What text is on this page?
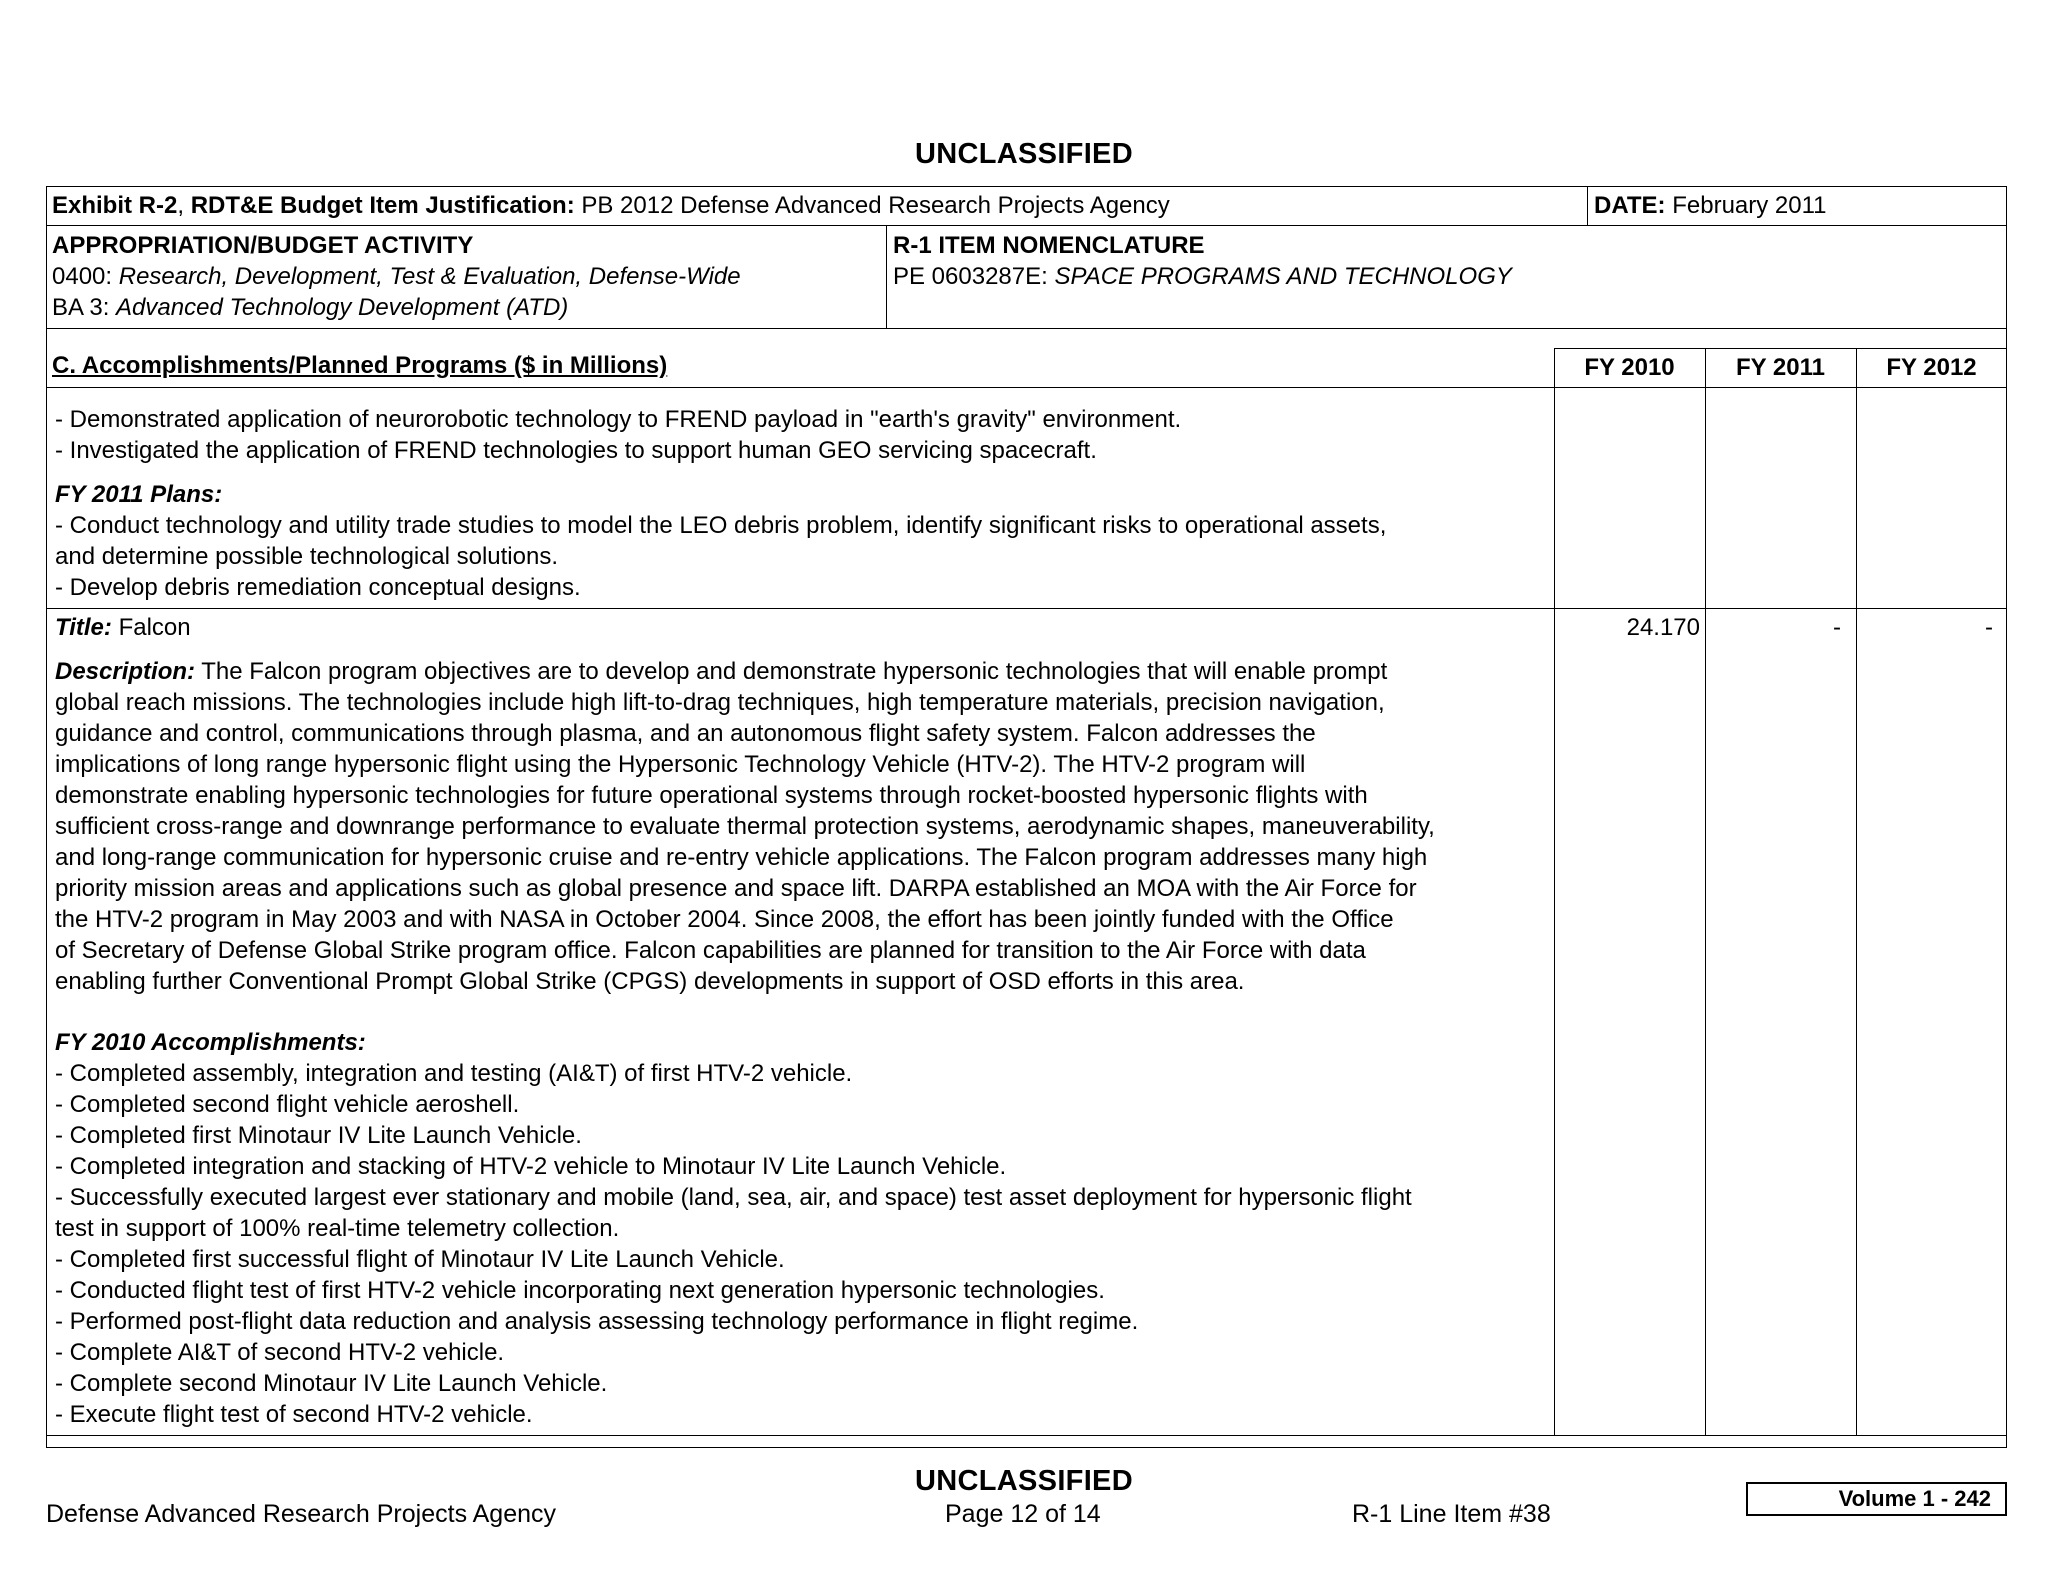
UNCLASSIFIED
Exhibit R-2, RDT&E Budget Item Justification: PB 2012 Defense Advanced Research Projects Agency	DATE: February 2011
APPROPRIATION/BUDGET ACTIVITY
0400: Research, Development, Test & Evaluation, Defense-Wide
BA 3: Advanced Technology Development (ATD)
R-1 ITEM NOMENCLATURE
PE 0603287E: SPACE PROGRAMS AND TECHNOLOGY
C. Accomplishments/Planned Programs ($ in Millions)	FY 2010	FY 2011	FY 2012
- Demonstrated application of neurorobotic technology to FREND payload in "earth's gravity" environment.
- Investigated the application of FREND technologies to support human GEO servicing spacecraft.
FY 2011 Plans:
- Conduct technology and utility trade studies to model the LEO debris problem, identify significant risks to operational assets,
and determine possible technological solutions.
- Develop debris remediation conceptual designs.
Title: Falcon	24.170	-	-
Description: The Falcon program objectives are to develop and demonstrate hypersonic technologies that will enable prompt
global reach missions. The technologies include high lift-to-drag techniques, high temperature materials, precision navigation,
guidance and control, communications through plasma, and an autonomous flight safety system. Falcon addresses the
implications of long range hypersonic flight using the Hypersonic Technology Vehicle (HTV-2). The HTV-2 program will
demonstrate enabling hypersonic technologies for future operational systems through rocket-boosted hypersonic flights with
sufficient cross-range and downrange performance to evaluate thermal protection systems, aerodynamic shapes, maneuverability,
and long-range communication for hypersonic cruise and re-entry vehicle applications. The Falcon program addresses many high
priority mission areas and applications such as global presence and space lift. DARPA established an MOA with the Air Force for
the HTV-2 program in May 2003 and with NASA in October 2004. Since 2008, the effort has been jointly funded with the Office
of Secretary of Defense Global Strike program office. Falcon capabilities are planned for transition to the Air Force with data
enabling further Conventional Prompt Global Strike (CPGS) developments in support of OSD efforts in this area.
FY 2010 Accomplishments:
- Completed assembly, integration and testing (AI&T) of first HTV-2 vehicle.
- Completed second flight vehicle aeroshell.
- Completed first Minotaur IV Lite Launch Vehicle.
- Completed integration and stacking of HTV-2 vehicle to Minotaur IV Lite Launch Vehicle.
- Successfully executed largest ever stationary and mobile (land, sea, air, and space) test asset deployment for hypersonic flight
test in support of 100% real-time telemetry collection.
- Completed first successful flight of Minotaur IV Lite Launch Vehicle.
- Conducted flight test of first HTV-2 vehicle incorporating next generation hypersonic technologies.
- Performed post-flight data reduction and analysis assessing technology performance in flight regime.
- Complete AI&T of second HTV-2 vehicle.
- Complete second Minotaur IV Lite Launch Vehicle.
- Execute flight test of second HTV-2 vehicle.
UNCLASSIFIED
Defense Advanced Research Projects Agency	Page 12 of 14	R-1 Line Item #38
Volume 1 - 242
